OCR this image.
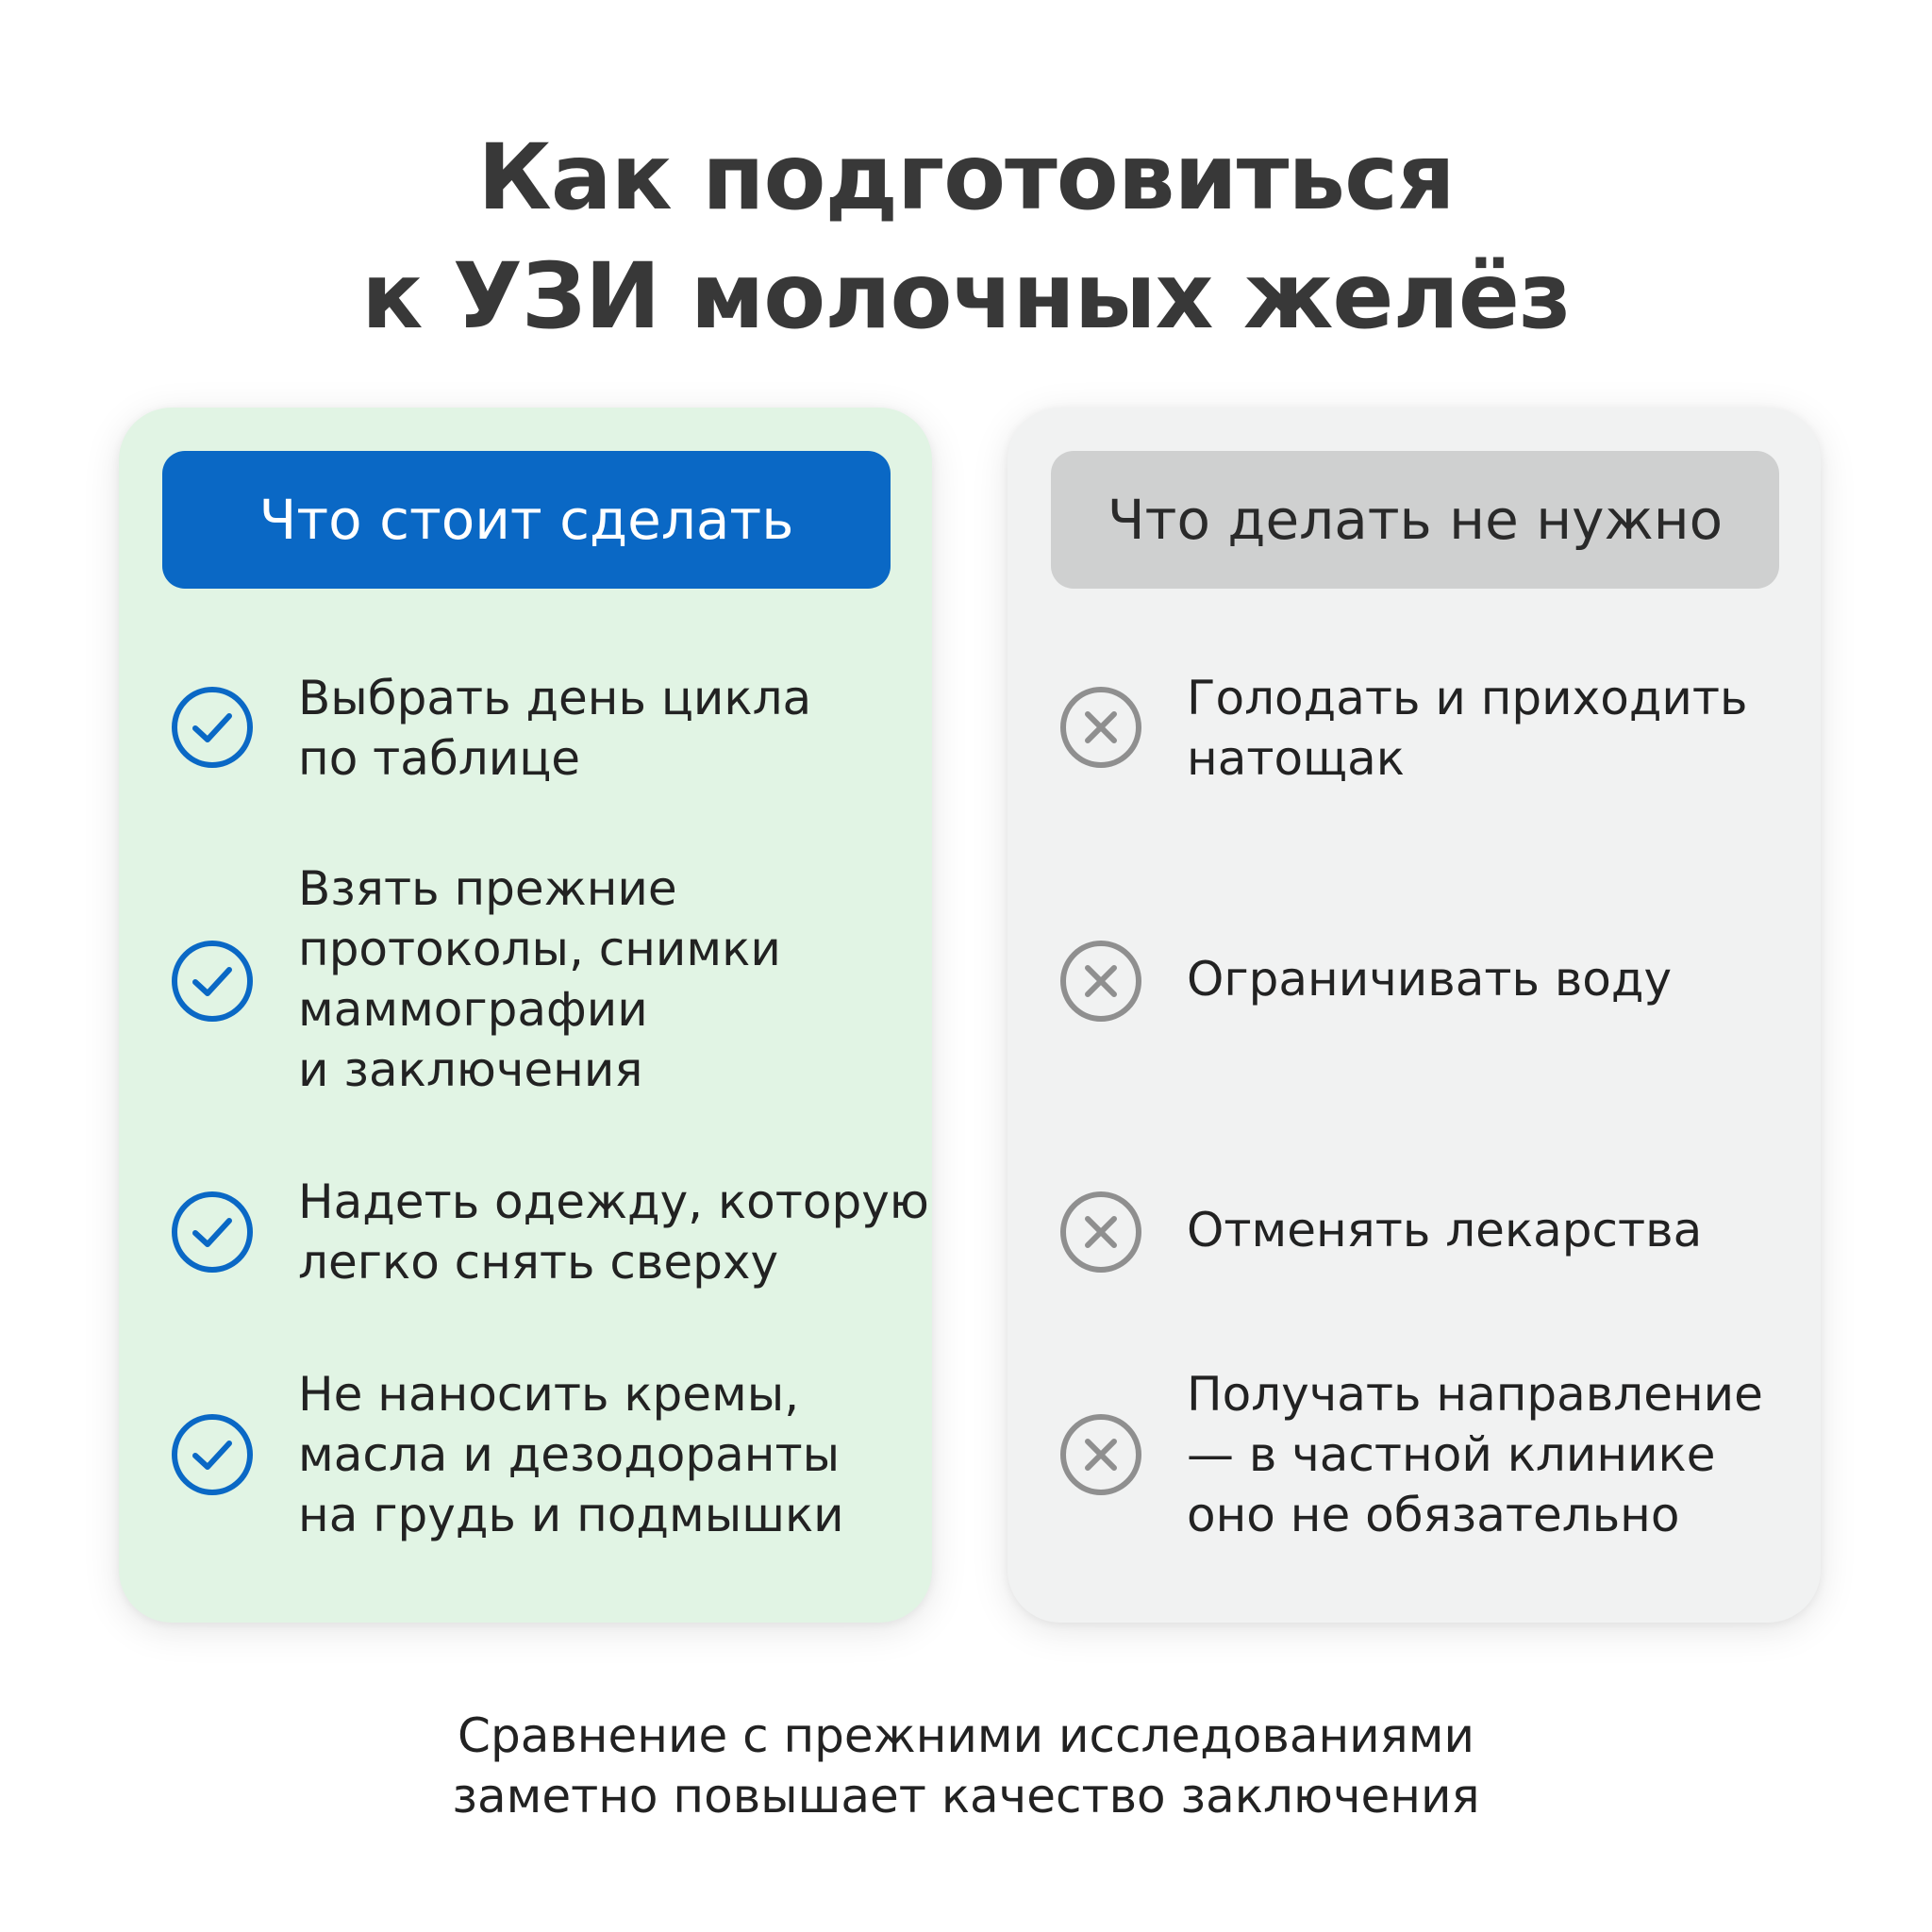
Как подготовиться
к УЗИ молочных желёз
Что стоит сделать
Выбрать день цикла
по таблице
Взять прежние
протоколы, снимки
маммографии
и заключения
Надеть одежду, которую
легко снять сверху
Не наносить кремы,
масла и дезодоранты
на грудь и подмышки
Что делать не нужно
Голодать и приходить
натощак
Ограничивать воду
Отменять лекарства
Получать направление
— в частной клинике
оно не обязательно
Сравнение с прежними исследованиями
заметно повышает качество заключения
